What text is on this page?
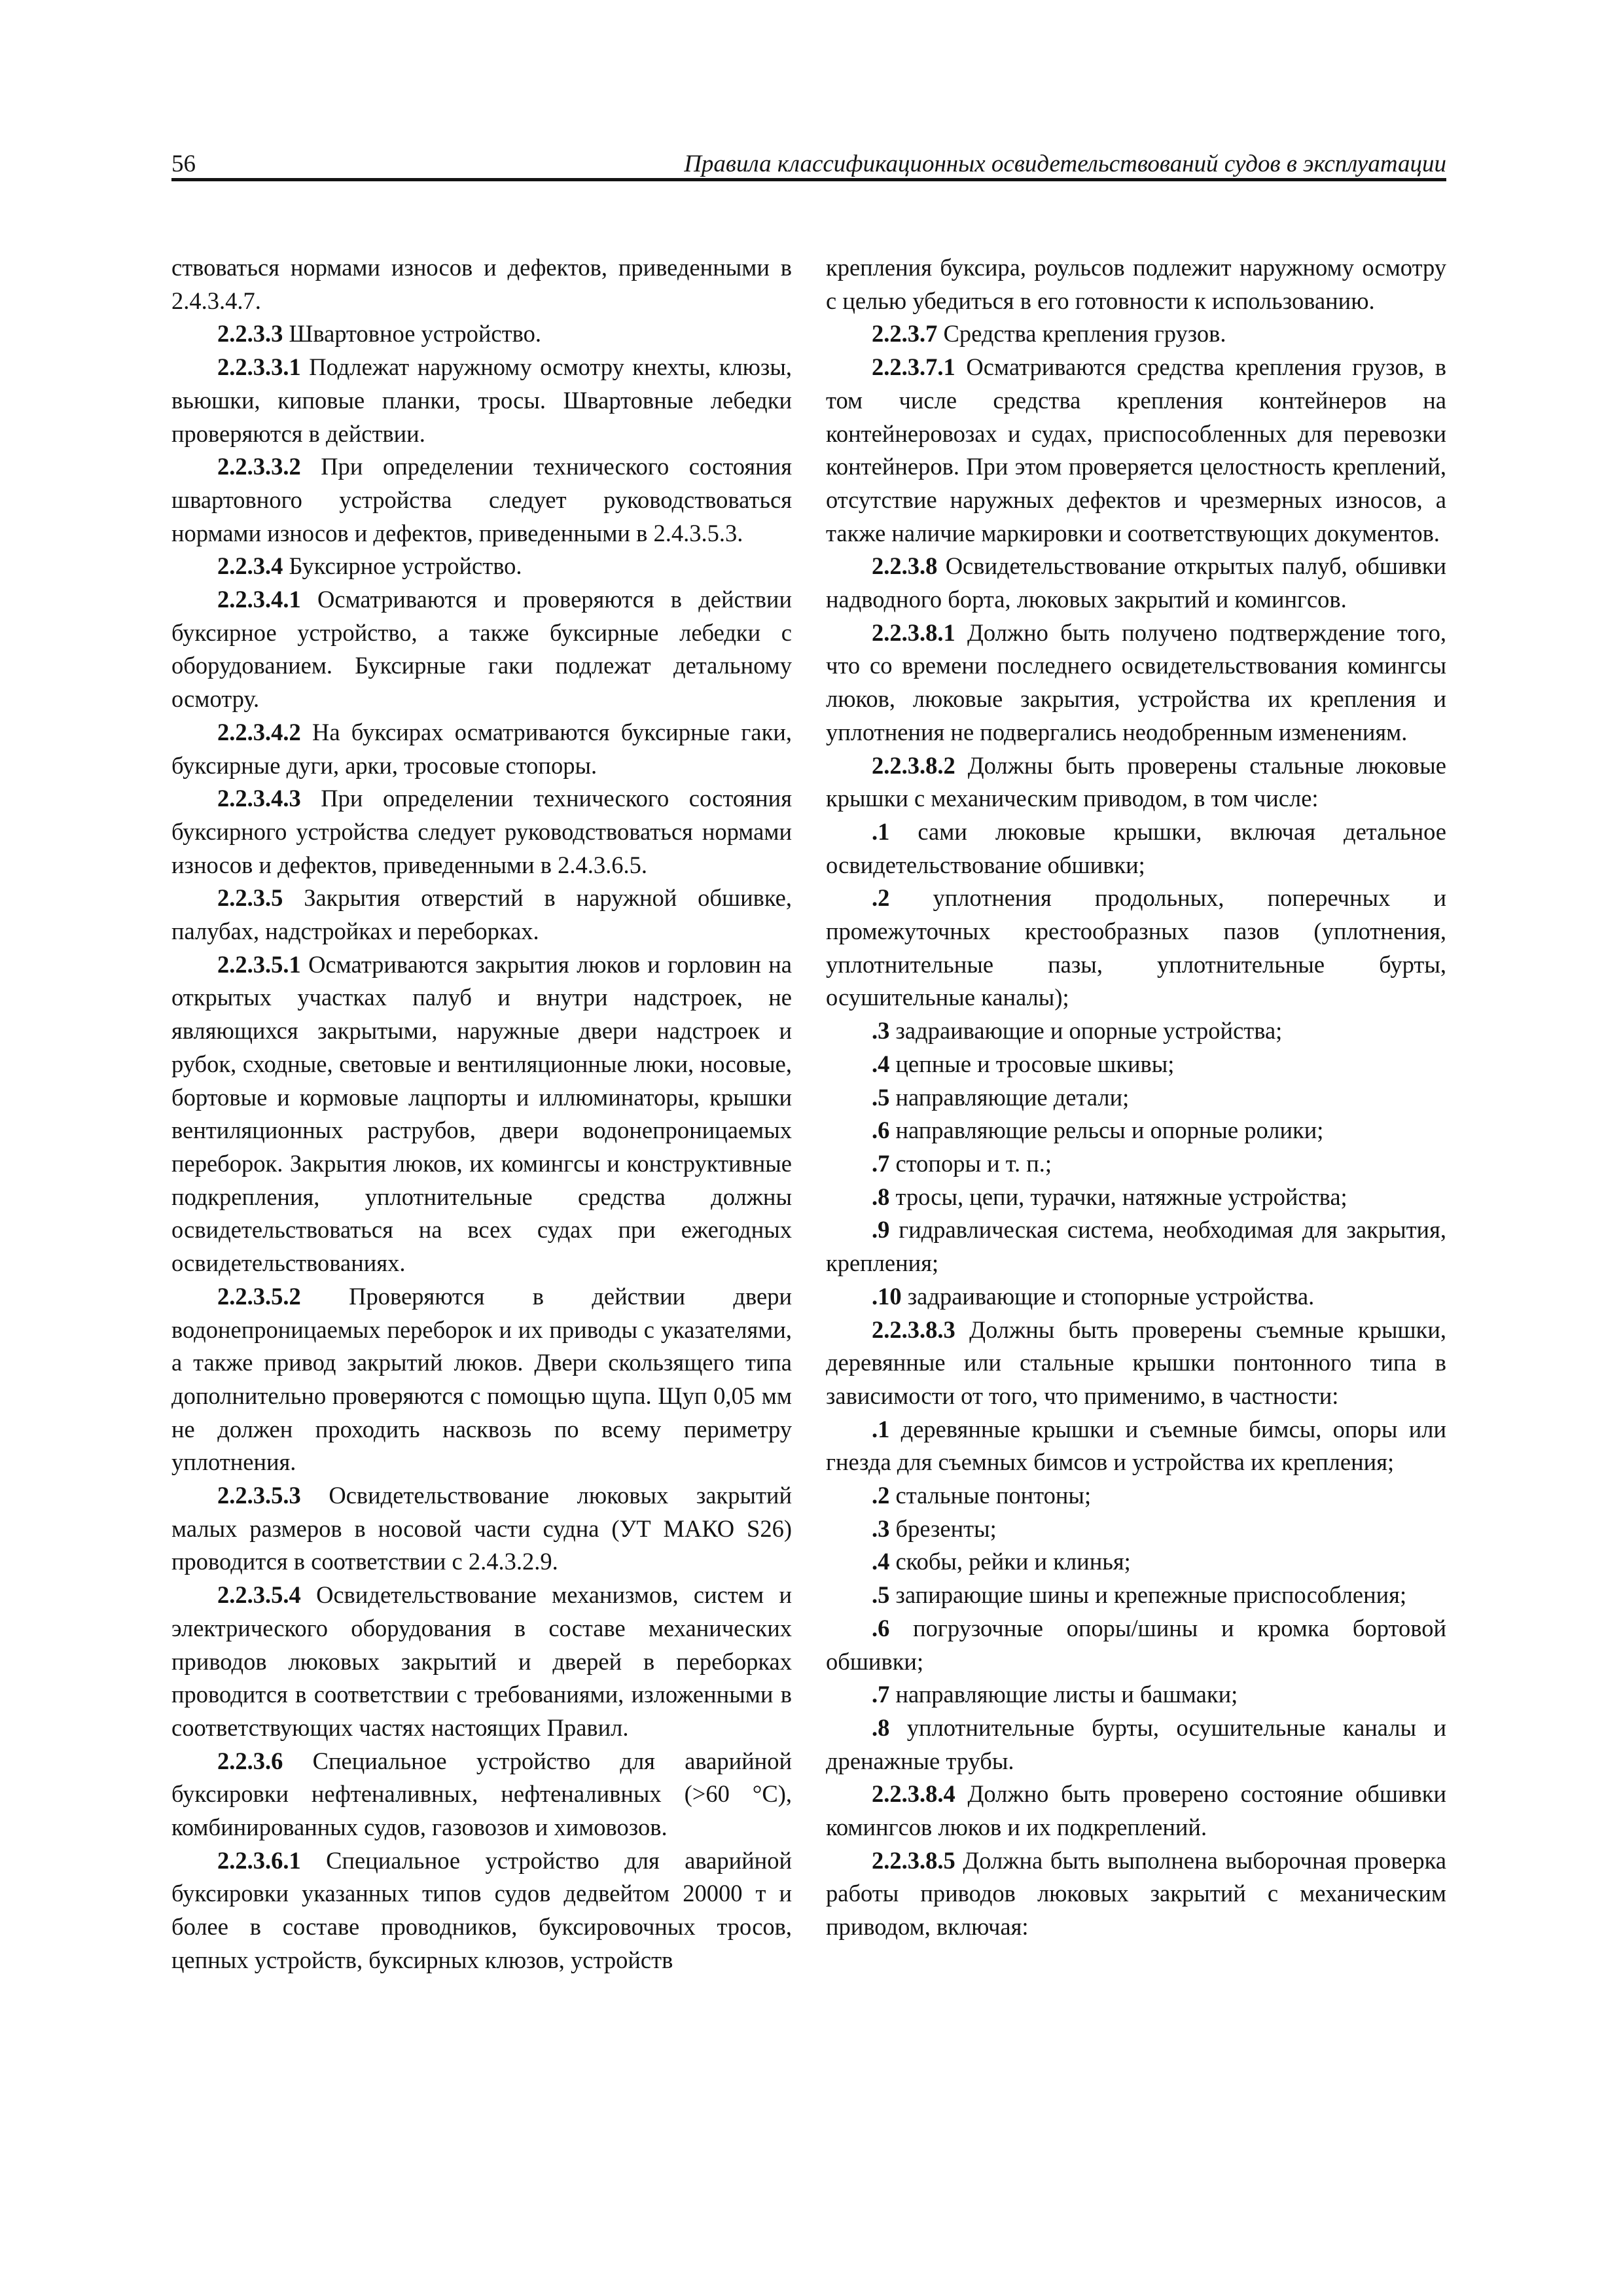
56	Правила классификационных освидетельствований судов в эксплуатации

ствоваться нормами износов и дефектов, приведенными в 2.4.3.4.7.

2.2.3.3 Швартовное устройство.

2.2.3.3.1 Подлежат наружному осмотру кнехты, клюзы, вьюшки, киповые планки, тросы. Швартовные лебедки проверяются в действии.

2.2.3.3.2 При определении технического состояния швартовного устройства следует руководствоваться нормами износов и дефектов, приведенными в 2.4.3.5.3.

2.2.3.4 Буксирное устройство.

2.2.3.4.1 Осматриваются и проверяются в действии буксирное устройство, а также буксирные лебедки с оборудованием. Буксирные гаки подлежат детальному осмотру.

2.2.3.4.2 На буксирах осматриваются буксирные гаки, буксирные дуги, арки, тросовые стопоры.

2.2.3.4.3 При определении технического состояния буксирного устройства следует руководствоваться нормами износов и дефектов, приведенными в 2.4.3.6.5.

2.2.3.5 Закрытия отверстий в наружной обшивке, палубах, надстройках и переборках.

2.2.3.5.1 Осматриваются закрытия люков и горловин на открытых участках палуб и внутри надстроек, не являющихся закрытыми, наружные двери надстроек и рубок, сходные, световые и вентиляционные люки, носовые, бортовые и кормовые лацпорты и иллюминаторы, крышки вентиляционных раструбов, двери водонепроницаемых переборок. Закрытия люков, их комингсы и конструктивные подкрепления, уплотнительные средства должны освидетельствоваться на всех судах при ежегодных освидетельствованиях.

2.2.3.5.2 Проверяются в действии двери водонепроницаемых переборок и их приводы с указателями, а также привод закрытий люков. Двери скользящего типа дополнительно проверяются с помощью щупа. Щуп 0,05 мм не должен проходить насквозь по всему периметру уплотнения.

2.2.3.5.3 Освидетельствование люковых закрытий малых размеров в носовой части судна (УТ МАКО S26) проводится в соответствии с 2.4.3.2.9.

2.2.3.5.4 Освидетельствование механизмов, систем и электрического оборудования в составе механических приводов люковых закрытий и дверей в переборках проводится в соответствии с требованиями, изложенными в соответствующих частях настоящих Правил.

2.2.3.6 Специальное устройство для аварийной буксировки нефтеналивных, нефтеналивных (>60 °C), комбинированных судов, газовозов и химовозов.

2.2.3.6.1 Специальное устройство для аварийной буксировки указанных типов судов дедвейтом 20000 т и более в составе проводников, буксировочных тросов, цепных устройств, буксирных клюзов, устройств

крепления буксира, роульсов подлежит наружному осмотру с целью убедиться в его готовности к использованию.

2.2.3.7 Средства крепления грузов.

2.2.3.7.1 Осматриваются средства крепления грузов, в том числе средства крепления контейнеров на контейнеровозах и судах, приспособленных для перевозки контейнеров. При этом проверяется целостность креплений, отсутствие наружных дефектов и чрезмерных износов, а также наличие маркировки и соответствующих документов.

2.2.3.8 Освидетельствование открытых палуб, обшивки надводного борта, люковых закрытий и комингсов.

2.2.3.8.1 Должно быть получено подтверждение того, что со времени последнего освидетельствования комингсы люков, люковые закрытия, устройства их крепления и уплотнения не подвергались неодобренным изменениям.

2.2.3.8.2 Должны быть проверены стальные люковые крышки с механическим приводом, в том числе:

.1 сами люковые крышки, включая детальное освидетельствование обшивки;

.2 уплотнения продольных, поперечных и промежуточных крестообразных пазов (уплотнения, уплотнительные пазы, уплотнительные бурты, осушительные каналы);

.3 задраивающие и опорные устройства;

.4 цепные и тросовые шкивы;

.5 направляющие детали;

.6 направляющие рельсы и опорные ролики;

.7 стопоры и т. п.;

.8 тросы, цепи, турачки, натяжные устройства;

.9 гидравлическая система, необходимая для закрытия, крепления;

.10 задраивающие и стопорные устройства.

2.2.3.8.3 Должны быть проверены съемные крышки, деревянные или стальные крышки понтонного типа в зависимости от того, что применимо, в частности:

.1 деревянные крышки и съемные бимсы, опоры или гнезда для съемных бимсов и устройства их крепления;

.2 стальные понтоны;

.3 брезенты;

.4 скобы, рейки и клинья;

.5 запирающие шины и крепежные приспособления;

.6 погрузочные опоры/шины и кромка бортовой обшивки;

.7 направляющие листы и башмаки;

.8 уплотнительные бурты, осушительные каналы и дренажные трубы.

2.2.3.8.4 Должно быть проверено состояние обшивки комингсов люков и их подкреплений.

2.2.3.8.5 Должна быть выполнена выборочная проверка работы приводов люковых закрытий с механическим приводом, включая:
